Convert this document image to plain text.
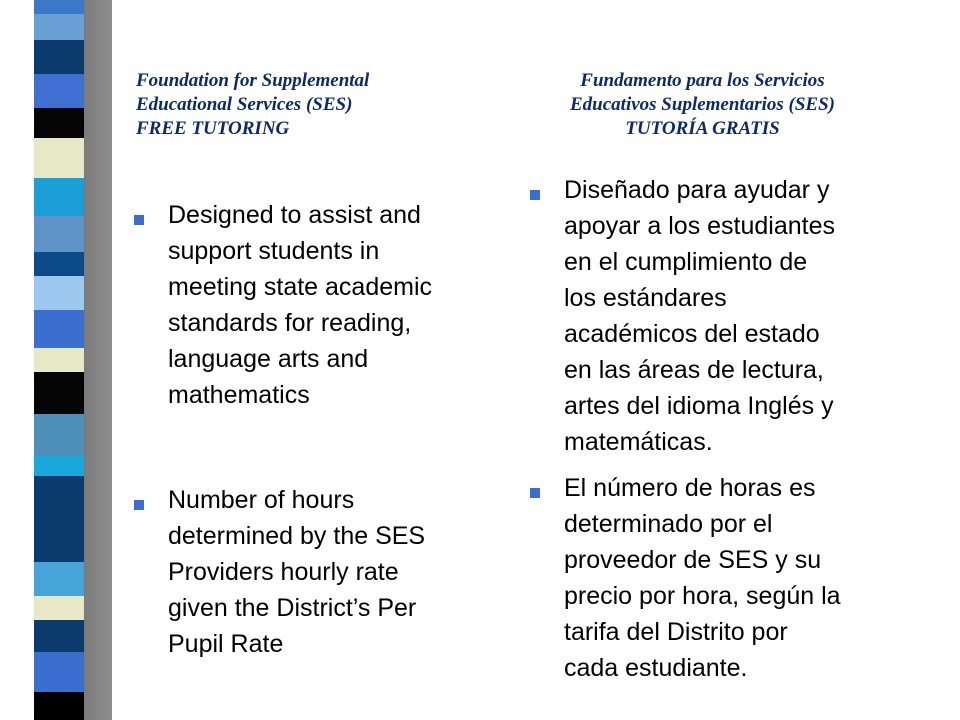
Foundation for Supplemental
Educational Services (SES)
FREE TUTORING
Fundamento para los Servicios
Educativos Suplementarios (SES)
TUTORÍA GRATIS
Designed to assist and
support students in
meeting state academic
standards for reading,
language arts and
mathematics
Number of hours
determined by the SES
Providers hourly rate
given the District’s Per
Pupil Rate
Diseñado para ayudar y
apoyar a los estudiantes
en el cumplimiento de
los estándares
académicos del estado
en las áreas de lectura,
artes del idioma Inglés y
matemáticas.
El número de horas es
determinado por el
proveedor de SES y su
precio por hora, según la
tarifa del Distrito por
cada estudiante.
